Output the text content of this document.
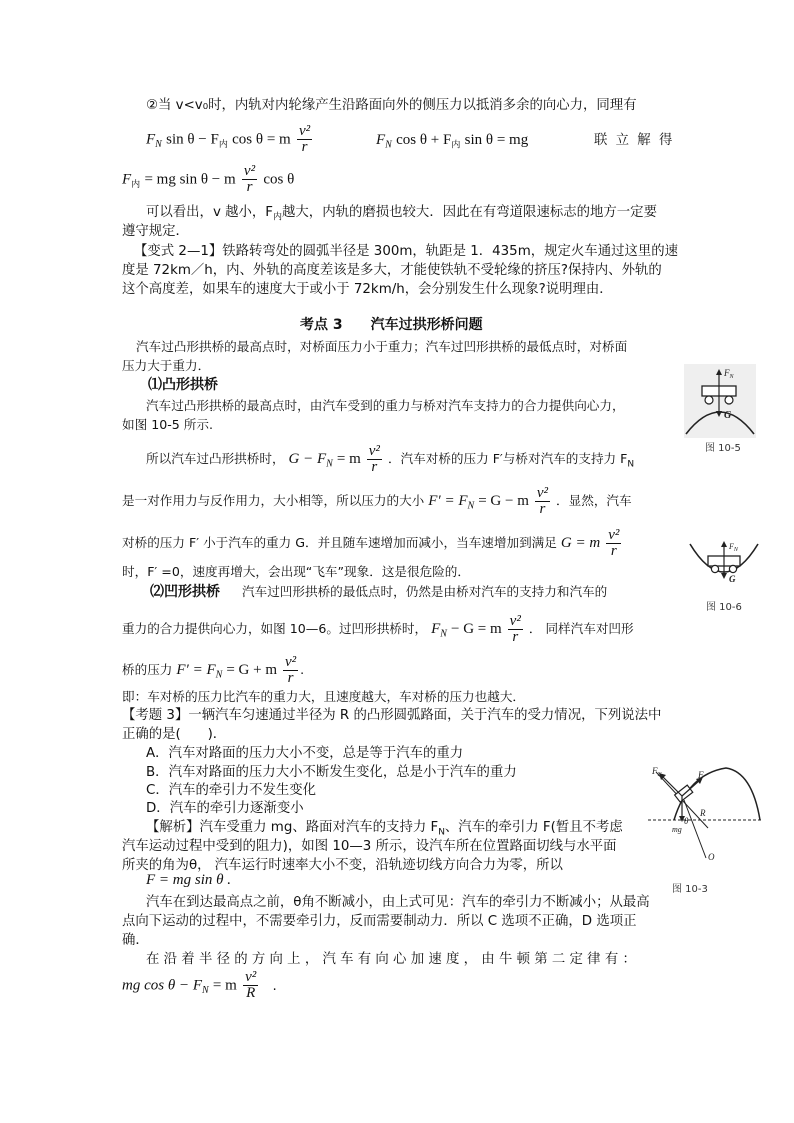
②当 v<v₀时，内轨对内轮缘产生沿路面向外的侧压力以抵消多余的向心力，同理有
$F_N$ $\sin \theta - F_内$ cos θ = m $\frac{\text{v²}}{r}$	$F_N$ $\cos \theta + F_内$ sin θ = mg	联 立 解 得
$F_内$ = mg sin θ − m $\frac{\text{v²}}{r}$ cos θ
可以看出，v 越小，$F_内$越大，内轨的磨损也较大．因此在有弯道限速标志的地方一定要
遵守规定．
【变式 2—1】铁路转弯处的圆弧半径是 300m，轨距是 1．435m，规定火车通过这里的速
度是 72km／h，内、外轨的高度差该是多大，才能使铁轨不受轮缘的挤压?保持内、外轨的
这个高度差，如果车的速度大于或小于 72km/h，会分别发生什么现象?说明理由．
考点 3　　汽车过拱形桥问题
汽车过凸形拱桥的最高点时，对桥面压力小于重力；汽车过凹形拱桥的最低点时，对桥面
压力大于重力．
⑴凸形拱桥
汽车过凸形拱桥的最高点时，由汽车受到的重力与桥对汽车支持力的合力提供向心力，
如图 10-5 所示.
所以汽车过凸形拱桥时， $G - F_N = m \frac{\text{v²}}{r}$ ．汽车对桥的压力 F′与桥对汽车的支持力 $F_N$
是一对作用力与反作用力，大小相等，所以压力的大小 $F' = F_N = G - m \frac{\text{v²}}{r}$ ．显然，汽车
对桥的压力 F′ 小于汽车的重力 G．并且随车速增加而减小，当车速增加到满足 G = m $\frac{\text{v²}}{r}$
时，F′ =0，速度再增大，会出现“飞车”现象．这是很危险的．
⑵凹形拱桥 汽车过凹形拱桥的最低点时，仍然是由桥对汽车的支持力和汽车的
重力的合力提供向心力，如图 10—6。过凹形拱桥时， $F_N - G = m \frac{\text{v²}}{r}$ ． 同样汽车对凹形
桥的压力 $F' = F_N = G + m \frac{\text{v²}}{r}$ .
即：车对桥的压力比汽车的重力大，且速度越大，车对桥的压力也越大．
【考题 3】一辆汽车匀速通过半径为 R 的凸形圆弧路面，关于汽车的受力情况，下列说法中
正确的是(　　)．
A．汽车对路面的压力大小不变，总是等于汽车的重力
B．汽车对路面的压力大小不断发生变化，总是小于汽车的重力
C．汽车的牵引力不发生变化
D．汽车的牵引力逐渐变小
【解析】汽车受重力 mg、路面对汽车的支持力 $F_N$、汽车的牵引力 F(暂且不考虑
汽车运动过程中受到的阻力)，如图 10—3 所示，设汽车所在位置路面切线与水平面
所夹的角为θ， 汽车运行时速率大小不变，沿轨迹切线方向合力为零，所以
F = mg sin θ .
汽车在到达最高点之前，θ角不断减小，由上式可见：汽车的牵引力不断减小；从最高
点向下运动的过程中，不需要牵引力，反而需要制动力．所以 C 选项不正确，D 选项正
确．
在 沿 着 半 径 的 方 向 上 ， 汽 车 有 向 心 加 速 度 ， 由 牛 顿 第 二 定 律 有 ：
mg $\cos \theta - F_N = m \frac{\text{v²}}{R}$ .
$F_N$
G
图 10-5
$F_N$
G
图 10-6
$F_N$	F
R
θ
mg
O
图 10-3
